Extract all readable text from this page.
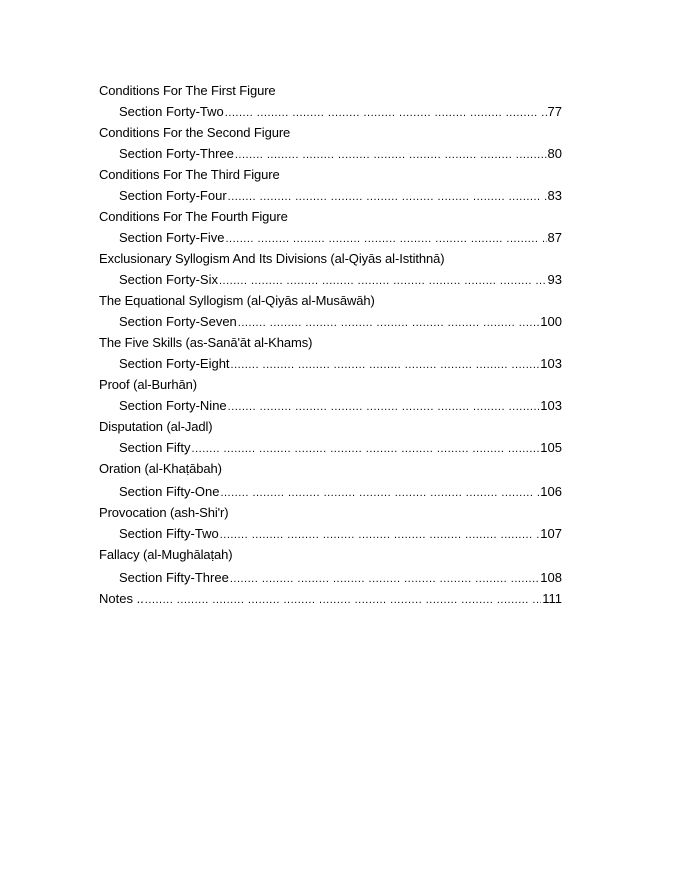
Conditions For The First Figure
Section Forty-Two .....	77
Conditions For the Second Figure
Section Forty-Three .....	80
Conditions For The Third Figure
Section Forty-Four .....	83
Conditions For The Fourth Figure
Section Forty-Five .....	87
Exclusionary Syllogism And Its Divisions (al-Qiyās al-Istithnā)
Section Forty-Six .....	93
The Equational Syllogism (al-Qiyās al-Musāwāh)
Section Forty-Seven .....	100
The Five Skills (as-Sanā'āt al-Khams)
Section Forty-Eight .....	103
Proof (al-Burhān)
Section Forty-Nine .....	103
Disputation (al-Jadl)
Section Fifty .....	105
Oration (al-Khaṭābah)
Section Fifty-One .....	106
Provocation (ash-Shi'r)
Section Fifty-Two .....	107
Fallacy (al-Mughālaṭah)
Section Fifty-Three .....	108
Notes .. .....	111
